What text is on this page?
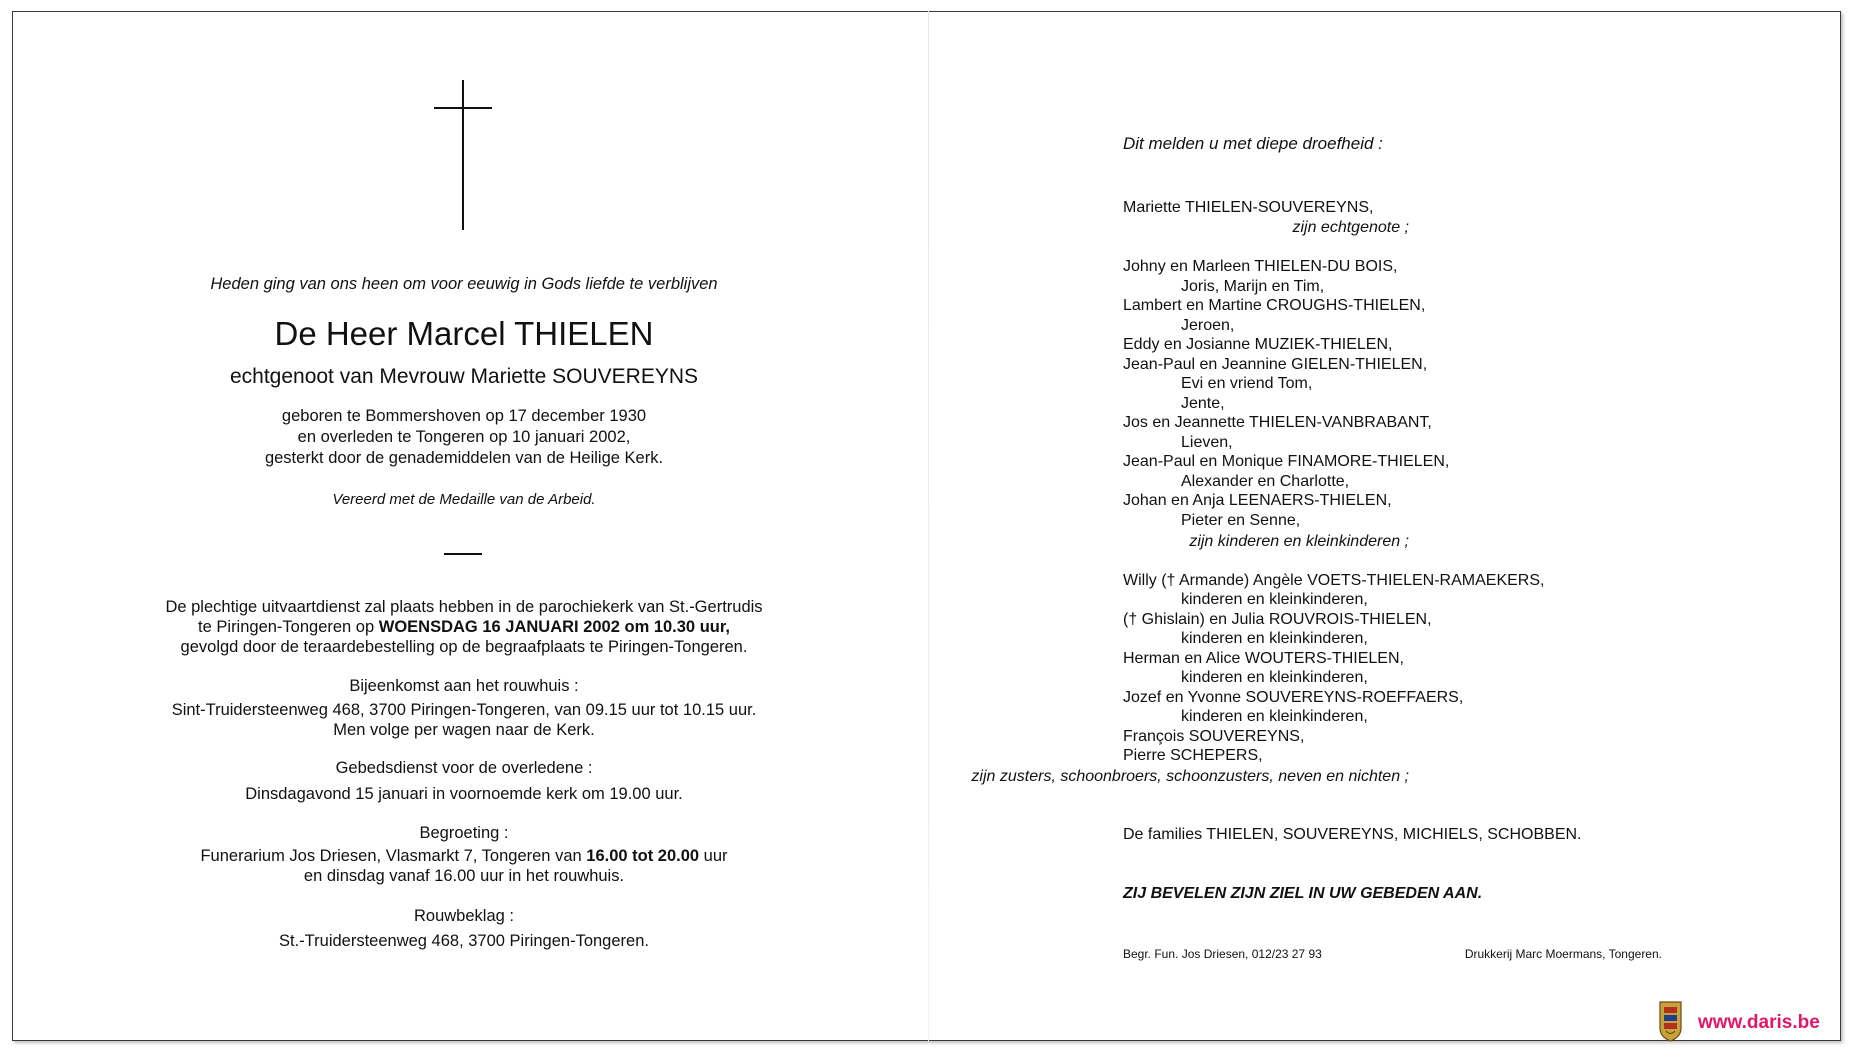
Heden ging van ons heen om voor eeuwig in Gods liefde te verblijven
De Heer Marcel THIELEN
echtgenoot van Mevrouw Mariette SOUVEREYNS
geboren te Bommershoven op 17 december 1930
en overleden te Tongeren op 10 januari 2002,
gesterkt door de genademiddelen van de Heilige Kerk.
Vereerd met de Medaille van de Arbeid.
De plechtige uitvaartdienst zal plaats hebben in de parochiekerk van St.-Gertrudis
te Piringen-Tongeren op WOENSDAG 16 JANUARI 2002 om 10.30 uur,
gevolgd door de teraardebestelling op de begraafplaats te Piringen-Tongeren.
Bijeenkomst aan het rouwhuis :
Sint-Truidersteenweg 468, 3700 Piringen-Tongeren, van 09.15 uur tot 10.15 uur.
Men volge per wagen naar de Kerk.
Gebedsdienst voor de overledene :
Dinsdagavond 15 januari in voornoemde kerk om 19.00 uur.
Begroeting :
Funerarium Jos Driesen, Vlasmarkt 7, Tongeren van 16.00 tot 20.00 uur
en dinsdag vanaf 16.00 uur in het rouwhuis.
Rouwbeklag :
St.-Truidersteenweg 468, 3700 Piringen-Tongeren.
Dit melden u met diepe droefheid :
Mariette THIELEN-SOUVEREYNS,
zijn echtgenote ;
Johny en Marleen THIELEN-DU BOIS,
Joris, Marijn en Tim,
Lambert en Martine CROUGHS-THIELEN,
Jeroen,
Eddy en Josianne MUZIEK-THIELEN,
Jean-Paul en Jeannine GIELEN-THIELEN,
Evi en vriend Tom,
Jente,
Jos en Jeannette THIELEN-VANBRABANT,
Lieven,
Jean-Paul en Monique FINAMORE-THIELEN,
Alexander en Charlotte,
Johan en Anja LEENAERS-THIELEN,
Pieter en Senne,
zijn kinderen en kleinkinderen ;
Willy († Armande) Angèle VOETS-THIELEN-RAMAEKERS,
kinderen en kleinkinderen,
(† Ghislain) en Julia ROUVROIS-THIELEN,
kinderen en kleinkinderen,
Herman en Alice WOUTERS-THIELEN,
kinderen en kleinkinderen,
Jozef en Yvonne SOUVEREYNS-ROEFFAERS,
kinderen en kleinkinderen,
François SOUVEREYNS,
Pierre SCHEPERS,
zijn zusters, schoonbroers, schoonzusters, neven en nichten ;
De families THIELEN, SOUVEREYNS, MICHIELS, SCHOBBEN.
ZIJ BEVELEN ZIJN ZIEL IN UW GEBEDEN AAN.
Begr. Fun. Jos Driesen, 012/23 27 93	Drukkerij Marc Moermans, Tongeren.
www.daris.be
